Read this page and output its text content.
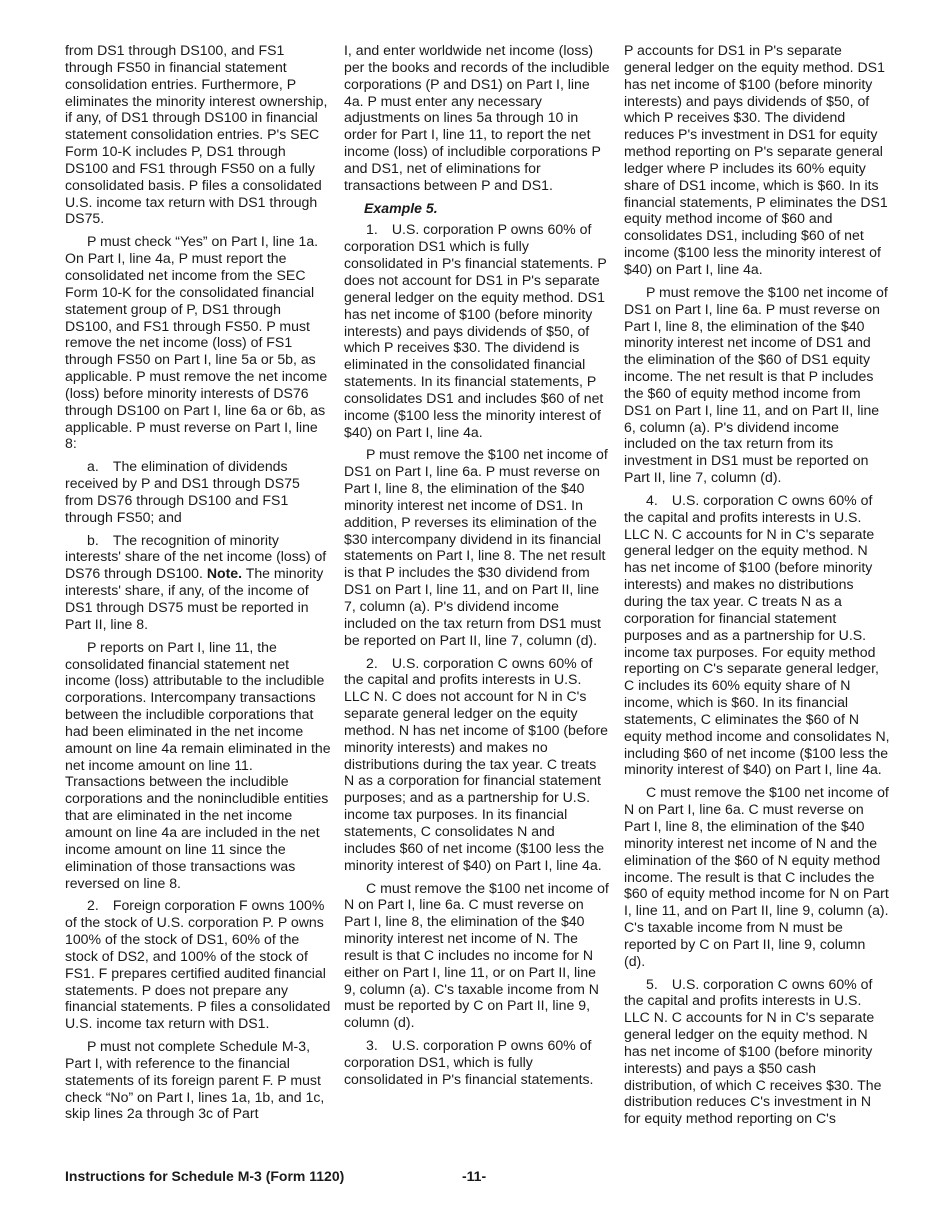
from DS1 through DS100, and FS1 through FS50 in financial statement consolidation entries. Furthermore, P eliminates the minority interest ownership, if any, of DS1 through DS100 in financial statement consolidation entries. P's SEC Form 10-K includes P, DS1 through DS100 and FS1 through FS50 on a fully consolidated basis. P files a consolidated U.S. income tax return with DS1 through DS75.

P must check “Yes” on Part I, line 1a. On Part I, line 4a, P must report the consolidated net income from the SEC Form 10-K for the consolidated financial statement group of P, DS1 through DS100, and FS1 through FS50. P must remove the net income (loss) of FS1 through FS50 on Part I, line 5a or 5b, as applicable. P must remove the net income (loss) before minority interests of DS76 through DS100 on Part I, line 6a or 6b, as applicable. P must reverse on Part I, line 8:

a. The elimination of dividends received by P and DS1 through DS75 from DS76 through DS100 and FS1 through FS50; and

b. The recognition of minority interests' share of the net income (loss) of DS76 through DS100. Note. The minority interests' share, if any, of the income of DS1 through DS75 must be reported in Part II, line 8.

P reports on Part I, line 11, the consolidated financial statement net income (loss) attributable to the includible corporations. Intercompany transactions between the includible corporations that had been eliminated in the net income amount on line 4a remain eliminated in the net income amount on line 11. Transactions between the includible corporations and the nonincludible entities that are eliminated in the net income amount on line 4a are included in the net income amount on line 11 since the elimination of those transactions was reversed on line 8.

2. Foreign corporation F owns 100% of the stock of U.S. corporation P. P owns 100% of the stock of DS1, 60% of the stock of DS2, and 100% of the stock of FS1. F prepares certified audited financial statements. P does not prepare any financial statements. P files a consolidated U.S. income tax return with DS1.

P must not complete Schedule M-3, Part I, with reference to the financial statements of its foreign parent F. P must check “No” on Part I, lines 1a, 1b, and 1c, skip lines 2a through 3c of Part

I, and enter worldwide net income (loss) per the books and records of the includible corporations (P and DS1) on Part I, line 4a. P must enter any necessary adjustments on lines 5a through 10 in order for Part I, line 11, to report the net income (loss) of includible corporations P and DS1, net of eliminations for transactions between P and DS1.

Example 5.

1. U.S. corporation P owns 60% of corporation DS1 which is fully consolidated in P's financial statements. P does not account for DS1 in P's separate general ledger on the equity method. DS1 has net income of $100 (before minority interests) and pays dividends of $50, of which P receives $30. The dividend is eliminated in the consolidated financial statements. In its financial statements, P consolidates DS1 and includes $60 of net income ($100 less the minority interest of $40) on Part I, line 4a.

P must remove the $100 net income of DS1 on Part I, line 6a. P must reverse on Part I, line 8, the elimination of the $40 minority interest net income of DS1. In addition, P reverses its elimination of the $30 intercompany dividend in its financial statements on Part I, line 8. The net result is that P includes the $30 dividend from DS1 on Part I, line 11, and on Part II, line 7, column (a). P's dividend income included on the tax return from DS1 must be reported on Part II, line 7, column (d).

2. U.S. corporation C owns 60% of the capital and profits interests in U.S. LLC N. C does not account for N in C's separate general ledger on the equity method. N has net income of $100 (before minority interests) and makes no distributions during the tax year. C treats N as a corporation for financial statement purposes; and as a partnership for U.S. income tax purposes. In its financial statements, C consolidates N and includes $60 of net income ($100 less the minority interest of $40) on Part I, line 4a.

C must remove the $100 net income of N on Part I, line 6a. C must reverse on Part I, line 8, the elimination of the $40 minority interest net income of N. The result is that C includes no income for N either on Part I, line 11, or on Part II, line 9, column (a). C's taxable income from N must be reported by C on Part II, line 9, column (d).

3. U.S. corporation P owns 60% of corporation DS1, which is fully consolidated in P's financial statements.

P accounts for DS1 in P's separate general ledger on the equity method. DS1 has net income of $100 (before minority interests) and pays dividends of $50, of which P receives $30. The dividend reduces P's investment in DS1 for equity method reporting on P's separate general ledger where P includes its 60% equity share of DS1 income, which is $60. In its financial statements, P eliminates the DS1 equity method income of $60 and consolidates DS1, including $60 of net income ($100 less the minority interest of $40) on Part I, line 4a.

P must remove the $100 net income of DS1 on Part I, line 6a. P must reverse on Part I, line 8, the elimination of the $40 minority interest net income of DS1 and the elimination of the $60 of DS1 equity income. The net result is that P includes the $60 of equity method income from DS1 on Part I, line 11, and on Part II, line 6, column (a). P's dividend income included on the tax return from its investment in DS1 must be reported on Part II, line 7, column (d).

4. U.S. corporation C owns 60% of the capital and profits interests in U.S. LLC N. C accounts for N in C's separate general ledger on the equity method. N has net income of $100 (before minority interests) and makes no distributions during the tax year. C treats N as a corporation for financial statement purposes and as a partnership for U.S. income tax purposes. For equity method reporting on C's separate general ledger, C includes its 60% equity share of N income, which is $60. In its financial statements, C eliminates the $60 of N equity method income and consolidates N, including $60 of net income ($100 less the minority interest of $40) on Part I, line 4a.

C must remove the $100 net income of N on Part I, line 6a. C must reverse on Part I, line 8, the elimination of the $40 minority interest net income of N and the elimination of the $60 of N equity method income. The result is that C includes the $60 of equity method income for N on Part I, line 11, and on Part II, line 9, column (a). C's taxable income from N must be reported by C on Part II, line 9, column (d).

5. U.S. corporation C owns 60% of the capital and profits interests in U.S. LLC N. C accounts for N in C's separate general ledger on the equity method. N has net income of $100 (before minority interests) and pays a $50 cash distribution, of which C receives $30. The distribution reduces C's investment in N for equity method reporting on C's

Instructions for Schedule M-3 (Form 1120)	-11-
